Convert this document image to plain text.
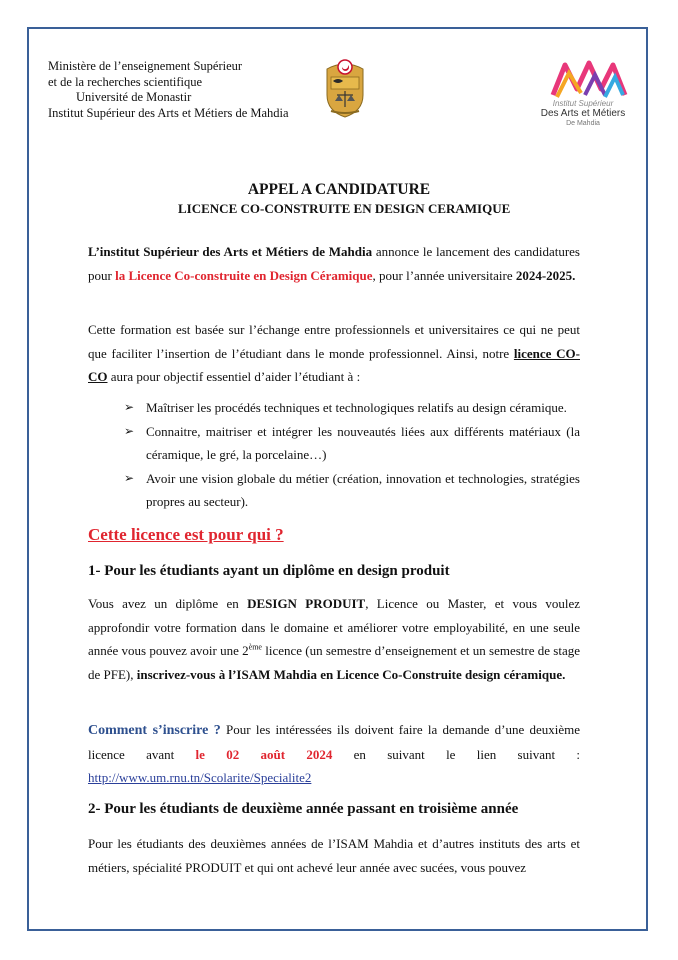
Ministère de l’enseignement Supérieur
et de la recherches scientifique
Université de Monastir
Institut Supérieur des Arts et Métiers de Mahdia
Institut Supérieur
Des Arts et Métiers
De Mahdia
APPEL A CANDIDATURE
LICENCE CO-CONSTRUITE EN DESIGN CERAMIQUE
L’institut Supérieur des Arts et Métiers de Mahdia annonce le lancement des candidatures pour la Licence Co-construite en Design Céramique, pour l’année universitaire 2024-2025.
Cette formation est basée sur l’échange entre professionnels et universitaires ce qui ne peut que faciliter l’insertion de l’étudiant dans le monde professionnel. Ainsi, notre licence CO-CO aura pour objectif essentiel d’aider l’étudiant à :
➢ Maîtriser les procédés techniques et technologiques relatifs au design céramique.
➢ Connaitre, maitriser et intégrer les nouveautés liées aux différents matériaux (la céramique, le gré, la porcelaine…)
➢ Avoir une vision globale du métier (création, innovation et technologies, stratégies propres au secteur).
Cette licence est pour qui ?
1- Pour les étudiants ayant un diplôme en design produit
Vous avez un diplôme en DESIGN PRODUIT, Licence ou Master, et vous voulez approfondir votre formation dans le domaine et améliorer votre employabilité, en une seule année vous pouvez avoir une 2ème licence (un semestre d’enseignement et un semestre de stage de PFE), inscrivez-vous à l’ISAM Mahdia en Licence Co-Construite design céramique.
Comment s’inscrire ? Pour les intéressées ils doivent faire la demande d’une deuxième licence avant le 02 août 2024 en suivant le lien suivant : http://www.um.rnu.tn/Scolarite/Specialite2
2- Pour les étudiants de deuxième année passant en troisième année
Pour les étudiants des deuxièmes années de l’ISAM Mahdia et d’autres instituts des arts et métiers, spécialité PRODUIT et qui ont achevé leur année avec sucées, vous pouvez
